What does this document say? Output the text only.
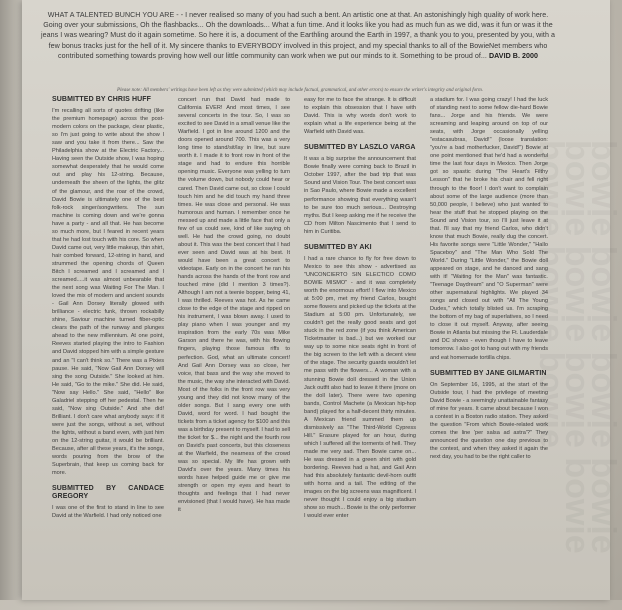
bowie bowie bowie bowie bowie bowie bowie bowie bowie bowie bowie
WHAT A TALENTED BUNCH YOU ARE - - I never realised so many of you had such a bent. An artistic one at that. An astonishingly high quality of work here. Going over your submissions, Oh the flashbacks... Oh the downloads... What a fun time. And it looks like you had as much fun as we did, was it fun or was it the jeans I was wearing? Must do it again sometime. So here it is, a document of the Earthling around the Earth in 1997, a thank you to you, presented by you, with a few bonus tracks just for the hell of it. My sincere thanks to EVERYBODY involved in this project, and my special thanks to all of the BowieNet members who contributed something towards proving how well our little community can work when we put our minds to it. Something to be proud of... DAVID B. 2000
Please note: All members' writings have been left as they were submitted (which may include factual, grammatical, and other errors) to ensure the writer's integrity and original form.
SUBMITTED BY CHRIS HUFF

I'm recalling all sorts of quotes drifting (like the premium homepage) across the post-modern colors on the package, clear plastic, so I'm just going to write about the show I saw and you take it from there... Saw the Philadelphia show at the Electric Factory... Having seen the Outside show, I was hoping somewhat desperately that he would come out and play his 12-string. Because, underneath the sheen of the lights, the glitz of the glamour, and the roar of the crowd, David Bowie is ultimately one of the best folk-rock singer/songwriters. The sun machine is coming down and we're gonna have a party - and all that. He has become so much more, but I feared in recent years that he had lost touch with his core. So when David came out, very little makeup, thin shirt, hair combed forward, 12-string in hand, and strummed the opening chords of Queen Bitch I screamed and I screamed and I screamed.....it was almost unbearable that the next song was Waiting For The Man. I loved the mix of modern and ancient sounds - Gail Ann Dorsey literally glowed with brilliance - electric funk, thrown rockabilly shine, Saviour machine turned fiber-optic clears the path of the runway and plunges ahead to the new millennium. At one point, Reeves started playing the intro to Fashion and David stopped him with a simple gesture and an "I can't think so." There was a Pixies pause. He said, "Now Gail Ann Dorsey will sing the song Outside." She looked at him. He said, "Go to the mike." She did. He said, "Now say Hello." She said, "Hello" like Galadriel stepping off her pedestal. Then he said, "Now sing Outside." And she did! Brilliant. I don't care what anybody says: if it were just the songs, without a set, without the lights, without a band even, with just him on the 12-string guitar, it would be brilliant. Because, after all these years, it's the songs, words pouring from the brow of the Superbrain, that keep us coming back for more.

SUBMITTED BY CANDACE GREGORY

I was one of the first to stand in line to see David at the Warfield. I had only noticed one

concert run that David had made to California EVER! And most times, I see several concerts in the tour. So, I was so excited to see David in a small venue like the Warfield. I got in line around 1200 and the doors opened around 700. This was a very long time to stand/sit/lay in line, but sure worth it. I made it to front row in front of the stage and had to endure this horrible opening music. Everyone was yelling to turn the volume down, but nobody could hear or cared. Then David came out, so close I could touch him and he did touch my hand three times. He was close and personal. He was humorous and human. I remember once he messed up and made a little face that only a few of us could see, kind of like saying oh well. He had the crowd going, no doubt about it. This was the best concert that I had ever seen and David was at his best. It would have been a great concert to videotape. Early on in the concert he ran his hands across the hands of the front row and touched mine (did I mention 3 times?). Although I am not a teenie bopper, being 41, I was thrilled. Reeves was hot. As he came close to the edge of the stage and ripped on his instrument, I was blown away. I used to play piano when I was younger and my inspiration from the early 70s was Mike Garson and there he was, with his flowing fingers, playing those famous riffs to perfection. God, what an ultimate concert! And Gail Ann Dorsey was so close, her voice, that bass and the way she moved to the music, the way she interacted with David. Most of the folks in the front row was very young and they did not know many of the older songs. But I sang every one with David, word for word. I had bought the tickets from a ticket agency for $100 and this was a birthday present to myself. I had to sell the ticket for $... the night and the fourth row on David's past concerts, but this closeness at the Warfield, the nearness of the crowd was so special. My life has grown with David's over the years. Many times his words have helped guide me or give me strength or open my eyes and heart to thoughts and feelings that I had never envisioned (that I would have). He has made it

easy for me to face the strange. It is difficult to explain this obsession that I have with David. This is why words don't work to explain what a life experience being at the Warfield with David was.

SUBMITTED BY LASZLO VARGA

It was a big surprise the announcement that Bowie finally were coming back to Brazil in October 1997, after the bad trip that was Sound and Vision Tour. The best concert was in Sao Paulo, where Bowie made a excellent performance showing that everything wasn't to be sure too much serious... Destroying myths. But I keep asking me if he receive the CD from Milton Nascimento that I send to him in Curitiba.

SUBMITTED BY AKI

I had a rare chance to fly for free down to Mexico to see this show - advertised as "UNCONCIERTO SIN ELECTICO COMO BOWIE MISMO" - and it was completely worth the enormous effort! I flew into Mexico at 5:00 pm, met my friend Carlos, bought some flowers and picked up the tickets at the Stadium at 5:00 pm. Unfortunately, we couldn't get the really good seats and got stuck in the red zone (if you think American Ticketmaster is bad...) but we worked our way up to some nice seats right in front of the big screen to the left with a decent view of the stage. The security guards wouldn't let me pass with the flowers... A woman with a stunning Bowie doll dressed in the Union Jack outfit also had to leave it there (more on the doll later). There were two opening bands, Control Machete (a Mexican hip-hop band) played for a half-decent thirty minutes. A Mexican friend summed them up dismissively as "The Third-World Cypress Hill." Erasure played for an hour, during which I suffered all the torments of hell. They made me very sad. Then Bowie came on... He was dressed in a green shirt with gold bordering. Reeves had a hat, and Gail Ann had this absolutely fantastic devil-horn outfit with horns and a tail. The editing of the images on the big screens was magnificent. I never thought I could enjoy a big stadium show so much... Bowie is the only performer I would ever enter

a stadium for. I was going crazy! I had the luck of standing next to some fellow die-hard Bowie fans... Jorge and his friends. We were screaming and leaping around on top of our seats, with Jorge occasionally yelling "estacasubras, David!" (loose translation: "you're a bad motherfucker, David!") Bowie at one point mentioned that he'd had a wonderful time the last four days in Mexico. Then Jorge got so spastic during "The Heart's Filthy Lesson" that he broke his chair and fell right through to the floor! I don't want to complain about some of the large audience (more than 50,000 people, I believe) who just wanted to hear the stuff that he stopped playing on the Sound and Vision tour, so I'll just leave it at that. I'll say that my friend Carlos, who didn't know that much Bowie, really dug the concert. His favorite songs were "Little Wonder," "Hallo Spaceboy" and "The Man Who Sold The World." During "Little Wonder," the Bowie doll appeared on stage, and he danced and sang with it! "Waiting for the Man" was fantastic. "Teenage Daydream" and "O Superman" were other supernatural highlights. We played 34 songs and closed out with "All The Young Dudes," which totally blisted us. I'm scraping the bottom of my bag of superlatives, so I need to close it out myself. Anyway, after seeing Bowie in Atlanta but missing the Ft. Lauderdale and DC shows - even though I have to leave tomorrow. I also got to hang out with my friends and eat homemade tortilla chips.

SUBMITTED BY JANE GILMARTIN

On September 16, 1995, at the start of the Outside tour, I had the privilege of meeting David Bowie - a seemingly unattainable fantasy of mine for years. It came about because I won a contest in a Boston radio station. They asked the question "From which Bowie-related work comes the line 'per salsa ad astra'?" They announced the question one day previous to the contest, and when they asked it again the next day, you had to be the right caller to
